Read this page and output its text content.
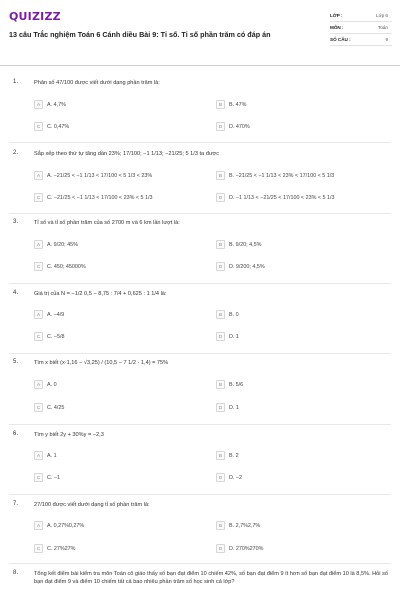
QUIZIZZ
13 câu Trắc nghiệm Toán 6 Cánh diều Bài 9: Tỉ số. Tỉ số phần trăm có đáp án
LỚP :	Lớp 6
MÔN :	Toán
SỐ CÂU :	9
1.	Phân số 47/100 được viết dưới dạng phần trăm là:
A	A. 4,7%	B	B. 47%
C	C. 0,47%	D	D. 470%
2.	Sắp xếp theo thứ tự tăng dần 23%; 17/100; −1 1/13; −21/25; 5 1/3 ta được
A	A. −21/25 < −1 1/13 < 17/100 < 5 1/3 < 23%	B	B. −21/25 < −1 1/13 < 23% < 17/100 < 5 1/3
C	C. −21/25 < −1 1/13 < 17/100 < 23% < 5 1/3	D	D. −1 1/13 < −21/25 < 17/100 < 23% < 5 1/3
3.	Tỉ số và tỉ số phần trăm của số 2700 m và 6 km lần lượt là:
A	A. 9/20; 45%	B	B. 9/20; 4,5%
C	C. 450; 45000%	D	D. 9/200; 4,5%
4.	Giá trị của N = −1/2 0,5 − 8,75 : 7/4 + 0,625 : 1 1/4 là:
A	A. −4/9	B	B. 0
C	C. −5/8	D	D. 1
5.	Tìm x biết (x·1,16 − √3,25) / (10,5 − 7 1/2 · 1,4) = 75%
A	A. 0	B	B. 5/6
C	C. 4/25	D	D. 1
6.	Tìm y biết 2y + 30%y = −2,3
A	A. 1	B	B. 2
C	C. −1	D	D. −2
7.	27/100 được viết dưới dạng tỉ số phần trăm là:
A	A. 0,27%0,27%	B	B. 2,7%2,7%
C	C. 27%27%	D	D. 270%270%
8.	Tổng kết điểm bài kiểm tra môn Toán cô giáo thấy số bạn đạt điểm 10 chiếm 42%, số bạn đạt điểm 9 ít hơn số bạn đạt điểm 10 là 8,5%. Hỏi số bạn đạt điểm 9 và điểm 10 chiếm tất cả bao nhiêu phần trăm số học sinh cả lớp?
